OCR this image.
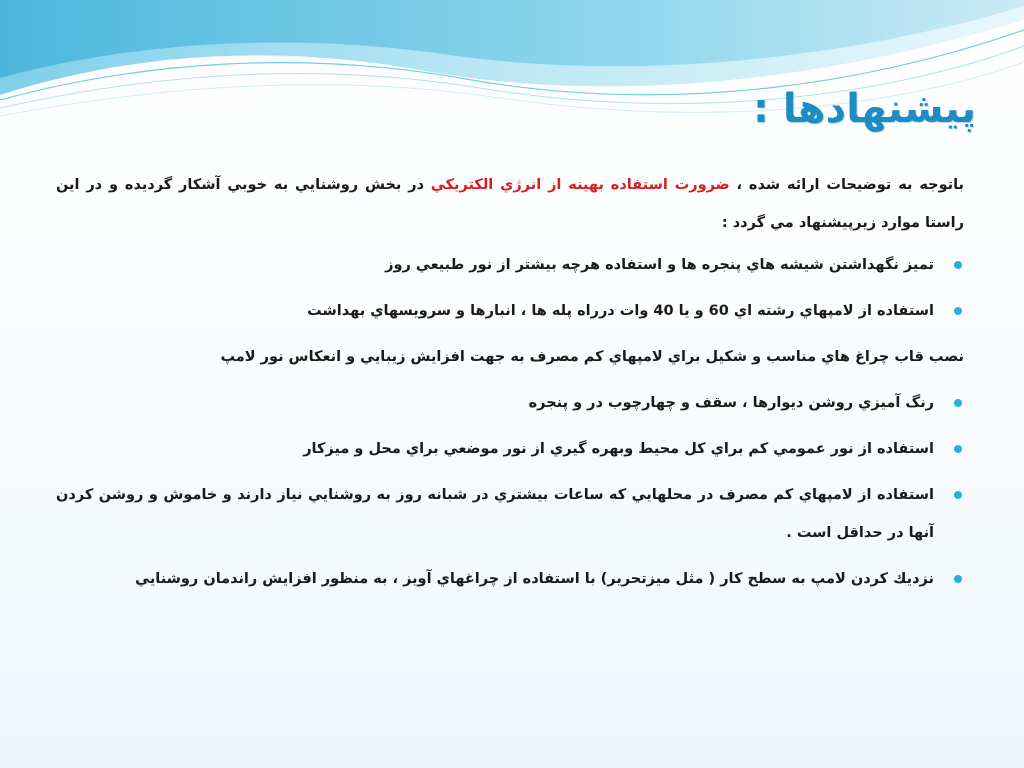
پيشنهادها :

باتوجه به توضيحات ارائه شده ، ضرورت استفاده بهينه از انرژي الكتريكي در بخش روشنايي به خوبي آشكار گرديده و در اين راستا موارد زيرپيشنهاد مي گردد :

تميز نگهداشتن شيشه هاي پنجره ها و استفاده هرچه بيشتر از نور طبيعي روز
استفاده از لامپهاي رشته اي 60 و يا 40 وات درراه پله ها ، انبارها و سرويسهاي بهداشت
نصب قاب چراغ هاي مناسب و شكيل براي لامپهاي كم مصرف به جهت افزايش زيبايي و انعكاس نور لامپ
رنگ آميزي روشن ديوارها ، سقف و چهارچوب در و پنجره
استفاده از نور عمومي كم براي كل محيط وبهره گيري از نور موضعي براي محل و ميزكار
استفاده از لامپهاي كم مصرف در محلهايي كه ساعات بيشتري در شبانه روز به روشنايي نياز دارند و خاموش و روشن كردن آنها در حداقل است .
نزديك كردن لامپ به سطح كار ( مثل ميزتحرير) با استفاده از چراغهاي آويز ، به منظور افزايش راندمان روشنايي
